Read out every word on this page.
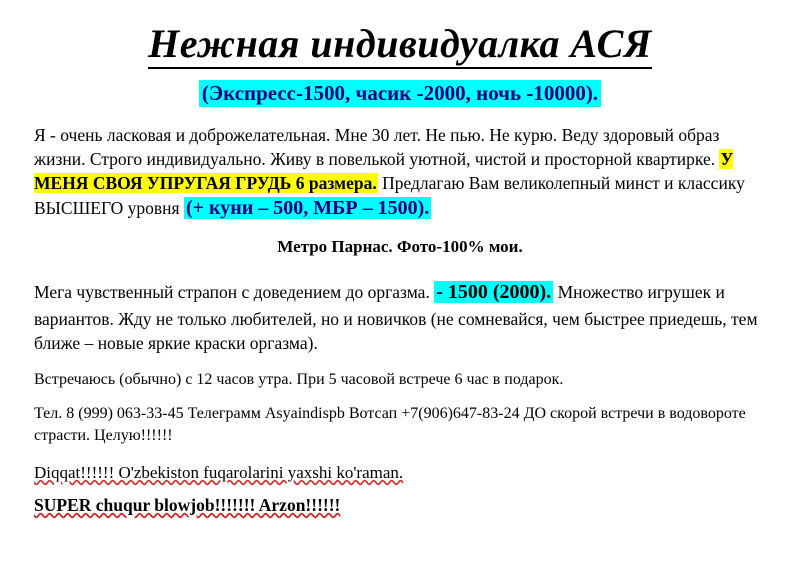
Нежная индивидуалка АСЯ
(Экспресс-1500, часик -2000, ночь -10000).

Я - очень ласковая и доброжелательная. Мне 30 лет. Не пью. Не курю. Веду здоровый образ жизни. Строго индивидуально. Живу в повелькой уютной, чистой и просторной квартирке. У МЕНЯ СВОЯ УПРУГАЯ ГРУДЬ 6 размера. Предлагаю Вам великолепный минст и классику ВЫСШЕГО уровня (+ куни – 500, МБР – 1500).

Метро Парнас. Фото-100% мои.

Мега чувственный страпон с доведением до оргазма. - 1500 (2000). Множество игрушек и вариантов. Жду не только любителей, но и новичков (не сомневайся, чем быстрее приедешь, тем ближе – новые яркие краски оргазма).

Встречаюсь (обычно) с 12 часов утра. При 5 часовой встрече 6 час в подарок.

Тел. 8 (999) 063-33-45 Телеграмм Asyaindispb Вотсап +7(906)647-83-24 ДО скорой встречи в водовороте страсти. Целую!!!!!!

Diqqat!!!!!! O'zbekiston fuqarolarini yaxshi ko'raman.

SUPER chuqur blowjob!!!!!!! Arzon!!!!!!
